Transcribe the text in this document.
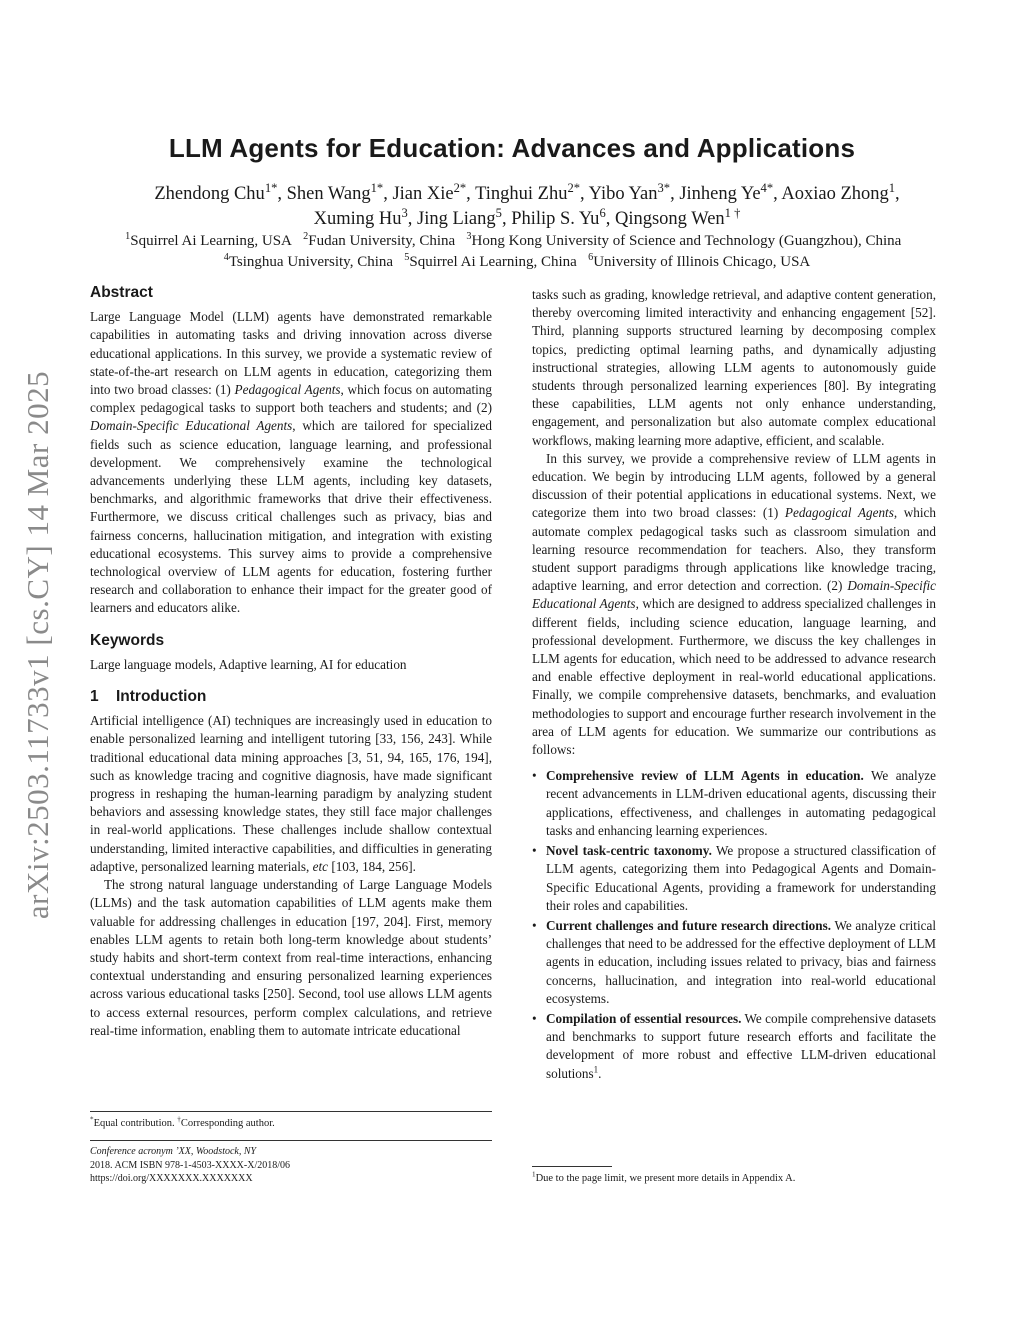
arXiv:2503.11733v1 [cs.CY] 14 Mar 2025
LLM Agents for Education: Advances and Applications
Zhendong Chu$^{1*}$, Shen Wang$^{1*}$, Jian Xie$^{2*}$, Tinghui Zhu$^{2*}$, Yibo Yan$^{3*}$, Jinheng $Ye^{4*}$, Aoxiao Zhong$^1$,
Xuming Hu$^3$, Jing Liang$^5$, Philip S. Yu$^6$, Qingsong Wen$^{1 \dagger}$
$^1$Squirrel Ai Learning, USA $^2$Fudan University, China $^3$Hong Kong University of Science and Technology (Guangzhou), China   $^4$Tsinghua University, China $^5$Squirrel Ai Learning, China $^6$University of Illinois Chicago, USA
Abstract

Large Language Model (LLM) agents have demonstrated remarkable capabilities in automating tasks and driving innovation across diverse educational applications. In this survey, we provide a systematic review of state-of-the-art research on LLM agents in education, categorizing them into two broad classes: (1) Pedagogical Agents, which focus on automating complex pedagogical tasks to support both teachers and students; and (2) Domain-Specific Educational Agents, which are tailored for specialized fields such as science education, language learning, and professional development. We comprehensively examine the technological advancements underlying these LLM agents, including key datasets, benchmarks, and algorithmic frameworks that drive their effectiveness. Furthermore, we discuss critical challenges such as privacy, bias and fairness concerns, hallucination mitigation, and integration with existing educational ecosystems. This survey aims to provide a comprehensive technological overview of LLM agents for education, fostering further research and collaboration to enhance their impact for the greater good of learners and educators alike.

Keywords

Large language models, Adaptive learning, AI for education

1 Introduction

Artificial intelligence (AI) techniques are increasingly used in education to enable personalized learning and intelligent tutoring [33, 156, 243]. While traditional educational data mining approaches [3, 51, 94, 165, 176, 194], such as knowledge tracing and cognitive diagnosis, have made significant progress in reshaping the human-learning paradigm by analyzing student behaviors and assessing knowledge states, they still face major challenges in real-world applications. These challenges include shallow contextual understanding, limited interactive capabilities, and difficulties in generating adaptive, personalized learning materials, etc [103, 184, 256].

The strong natural language understanding of Large Language Models (LLMs) and the task automation capabilities of LLM agents make them valuable for addressing challenges in education [197, 204]. First, memory enables LLM agents to retain both long-term knowledge about students’ study habits and short-term context from real-time interactions, enhancing contextual understanding and ensuring personalized learning experiences across various educational tasks [250]. Second, tool use allows LLM agents to access external resources, perform complex calculations, and retrieve real-time information, enabling them to automate intricate educational

*Equal contribution. †Corresponding author.
Conference acronym ’XX, Woodstock, NY
2018. ACM ISBN 978-1-4503-XXXX-X/2018/06
https://doi.org/XXXXXXX.XXXXXXX

tasks such as grading, knowledge retrieval, and adaptive content generation, thereby overcoming limited interactivity and enhancing engagement [52]. Third, planning supports structured learning by decomposing complex topics, predicting optimal learning paths, and dynamically adjusting instructional strategies, allowing LLM agents to autonomously guide students through personalized learning experiences [80]. By integrating these capabilities, LLM agents not only enhance understanding, engagement, and personalization but also automate complex educational workflows, making learning more adaptive, efficient, and scalable.

In this survey, we provide a comprehensive review of LLM agents in education. We begin by introducing LLM agents, followed by a general discussion of their potential applications in educational systems. Next, we categorize them into two broad classes: (1) Pedagogical Agents, which automate complex pedagogical tasks such as classroom simulation and learning resource recommendation for teachers. Also, they transform student support paradigms through applications like knowledge tracing, adaptive learning, and error detection and correction. (2) Domain-Specific Educational Agents, which are designed to address specialized challenges in different fields, including science education, language learning, and professional development. Furthermore, we discuss the key challenges in LLM agents for education, which need to be addressed to advance research and enable effective deployment in real-world educational applications. Finally, we compile comprehensive datasets, benchmarks, and evaluation methodologies to support and encourage further research involvement in the area of LLM agents for education. We summarize our contributions as follows:

• Comprehensive review of LLM Agents in education. We analyze recent advancements in LLM-driven educational agents, discussing their applications, effectiveness, and challenges in automating pedagogical tasks and enhancing learning experiences.
• Novel task-centric taxonomy. We propose a structured classification of LLM agents, categorizing them into Pedagogical Agents and Domain-Specific Educational Agents, providing a framework for understanding their roles and capabilities.
• Current challenges and future research directions. We analyze critical challenges that need to be addressed for the effective deployment of LLM agents in education, including issues related to privacy, bias and fairness concerns, hallucination, and integration into real-world educational ecosystems.
• Compilation of essential resources. We compile comprehensive datasets and benchmarks to support future research efforts and facilitate the development of more robust and effective LLM-driven educational solutions$^1$.
$^1$Due to the page limit, we present more details in Appendix A.
